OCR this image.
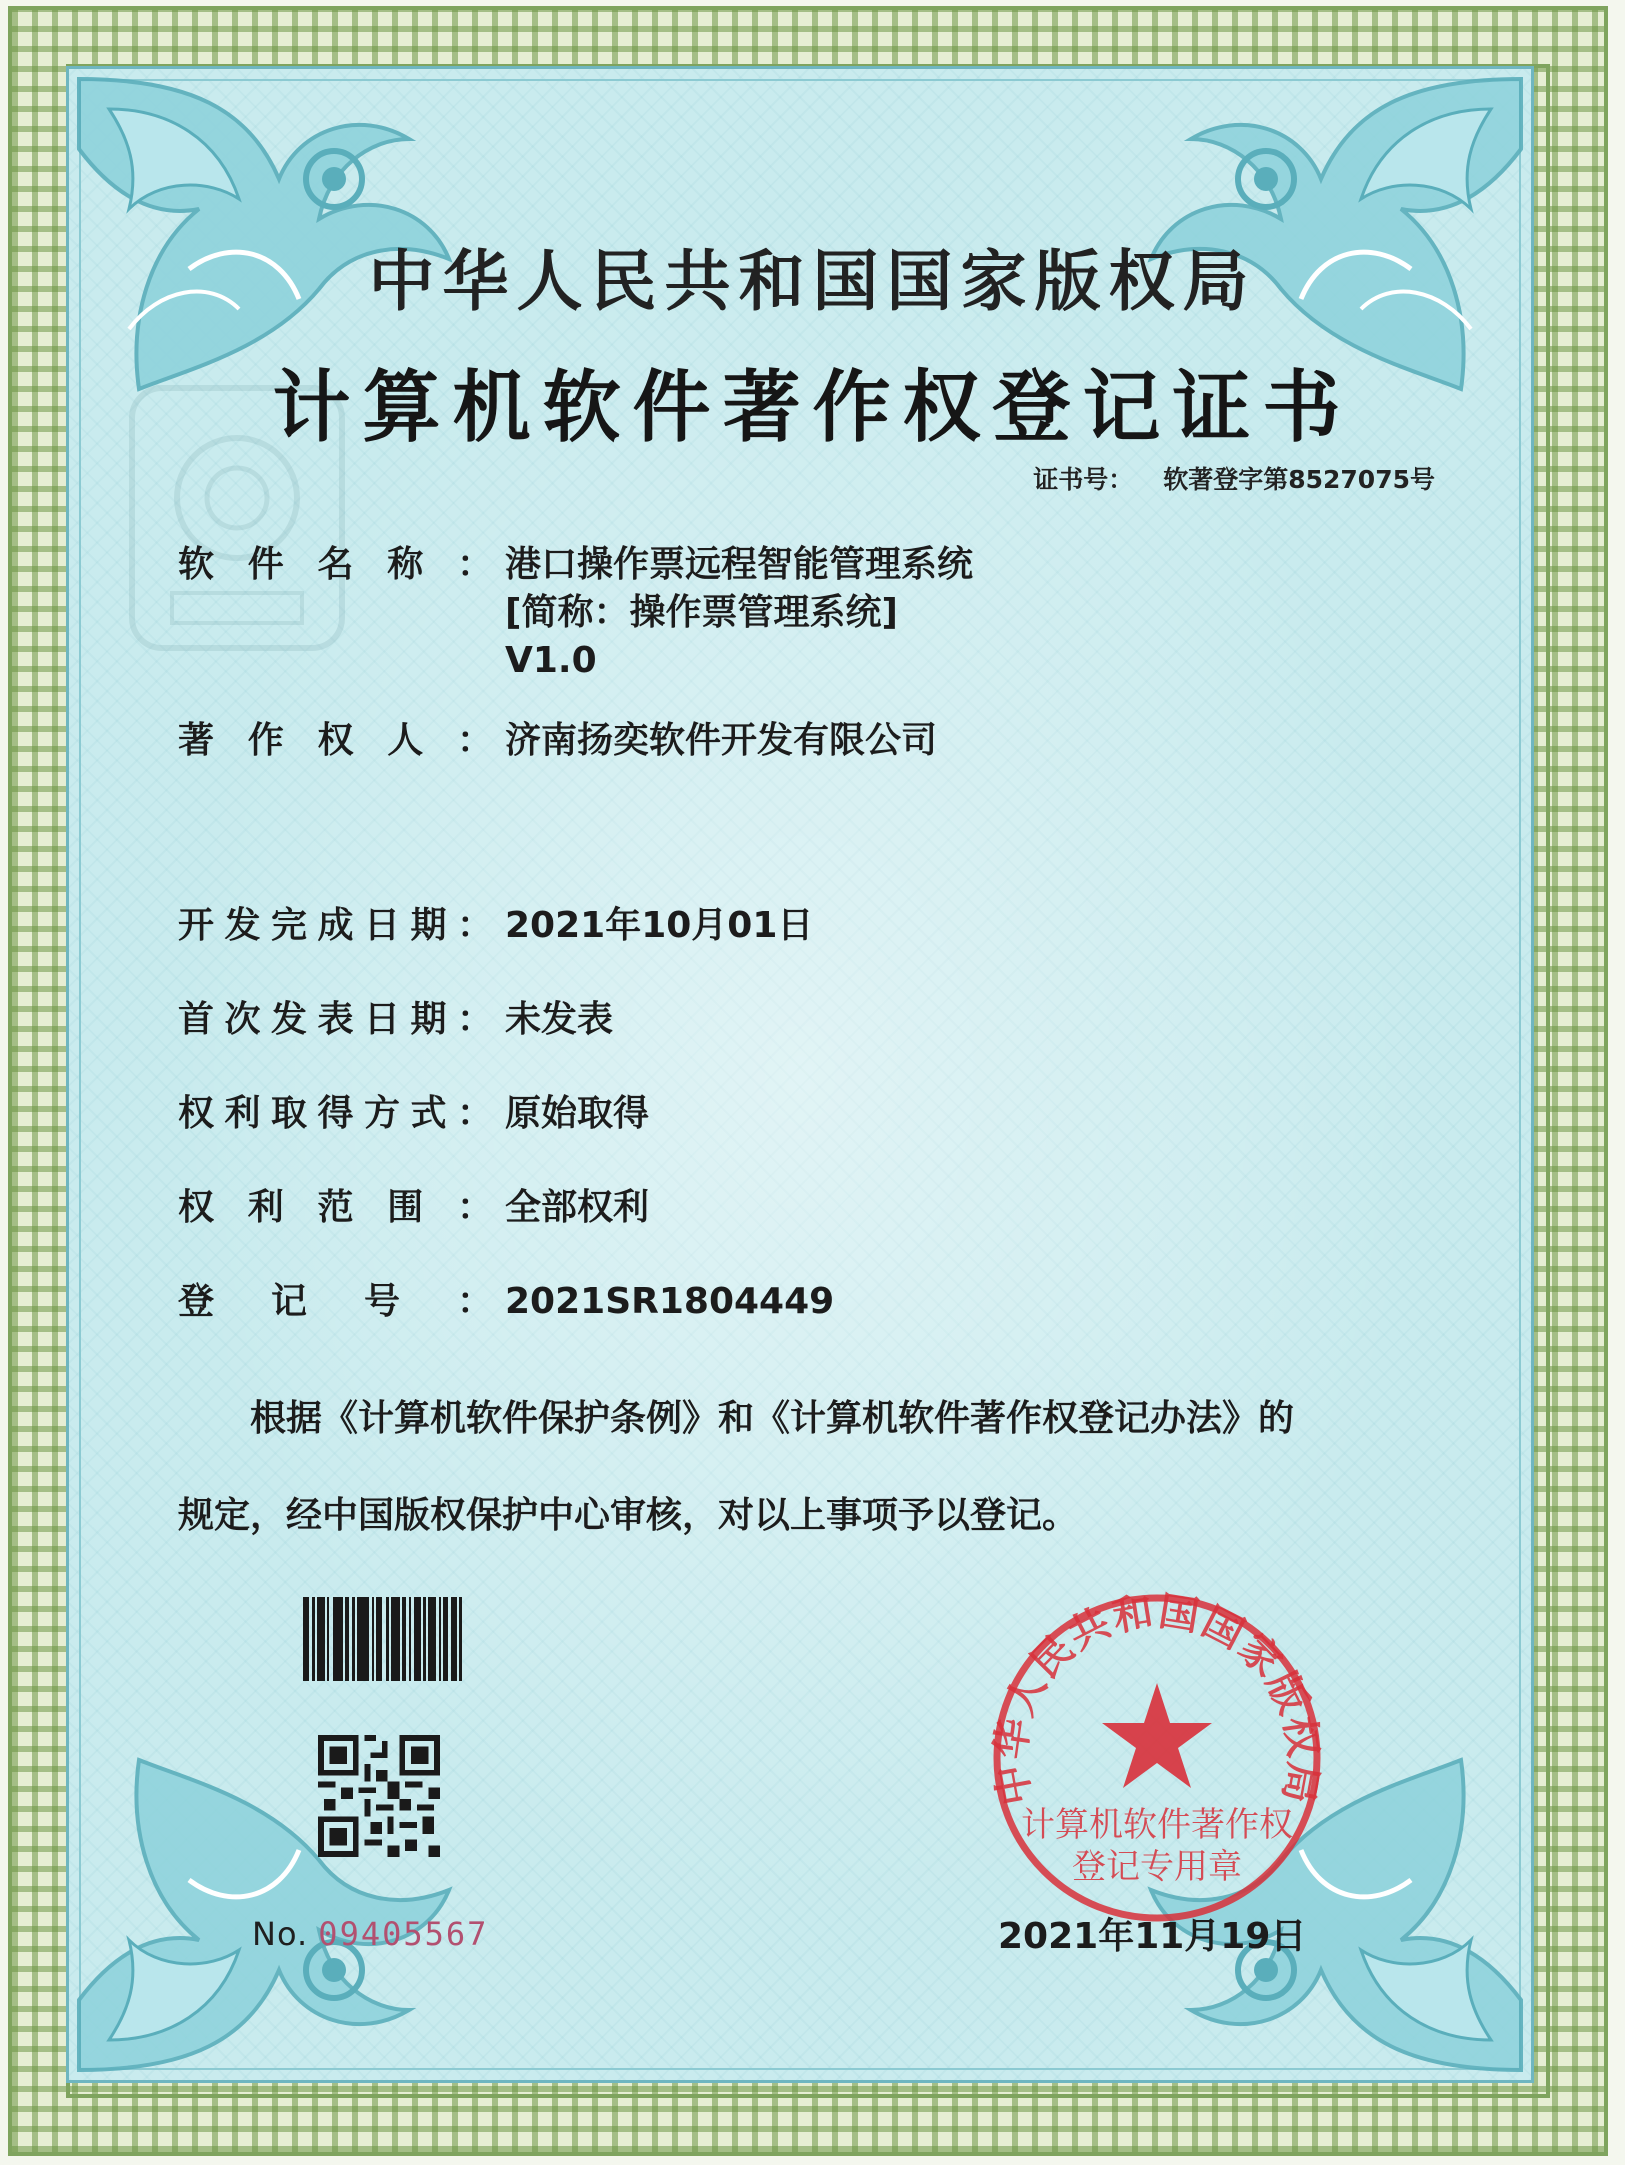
中华人民共和国国家版权局
计算机软件著作权登记证书
证书号： 软著登字第8527075号
软件名称： 港口操作票远程智能管理系统
[简称：操作票管理系统]
V1.0
著作权人： 济南扬奕软件开发有限公司
开发完成日期： 2021年10月01日
首次发表日期： 未发表
权利取得方式： 原始取得
权利范围： 全部权利
登记号： 2021SR1804449
根据《计算机软件保护条例》和《计算机软件著作权登记办法》的
规定，经中国版权保护中心审核，对以上事项予以登记。
No. 09405567
中华人民共和国国家版权局
计算机软件著作权
登记专用章
2021年11月19日
